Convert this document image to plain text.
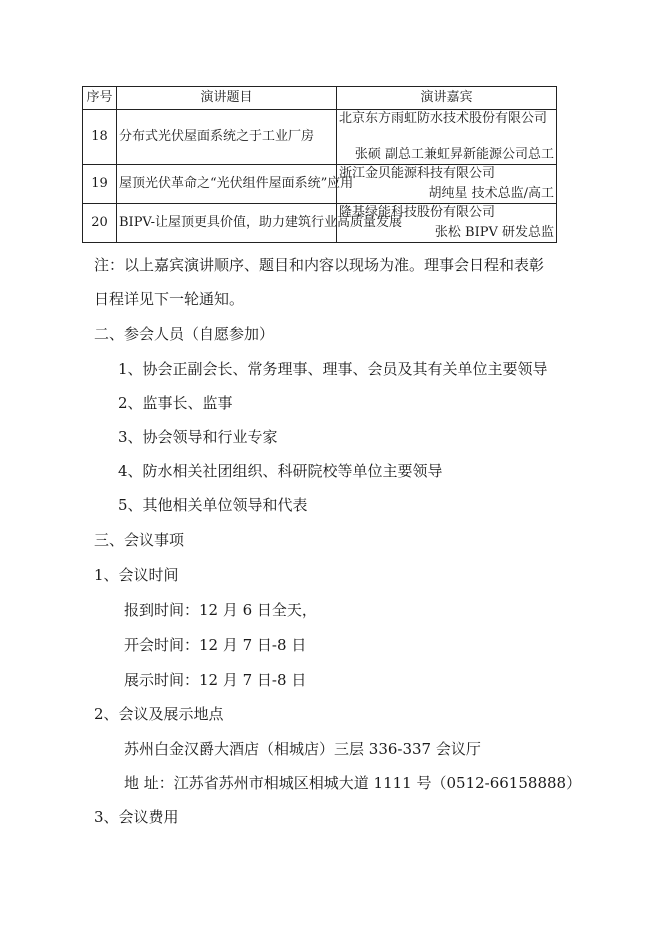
序号	演讲题目	演讲嘉宾
18	分布式光伏屋面系统之于工业厂房	北京东方雨虹防水技术股份有限公司
张硕 副总工兼虹昇新能源公司总工

19	屋顶光伏革命之“光伏组件屋面系统”应用	浙江金贝能源科技有限公司
胡纯星 技术总监/高工

20	BIPV-让屋顶更具价值，助力建筑行业高质量发展	隆基绿能科技股份有限公司
张松 BIPV 研发总监

注：以上嘉宾演讲顺序、题目和内容以现场为准。理事会日程和表彰

日程详见下一轮通知。

二、参会人员（自愿参加）

1、协会正副会长、常务理事、理事、会员及其有关单位主要领导

2、监事长、监事

3、协会领导和行业专家

4、防水相关社团组织、科研院校等单位主要领导

5、其他相关单位领导和代表

三、会议事项

1、会议时间

报到时间：12 月 6 日全天，

开会时间：12 月 7 日-8 日

展示时间：12 月 7 日-8 日

2、会议及展示地点

苏州白金汉爵大酒店（相城店）三层 336-337 会议厅

地 址：江苏省苏州市相城区相城大道 1111 号（0512-66158888）

3、会议费用
